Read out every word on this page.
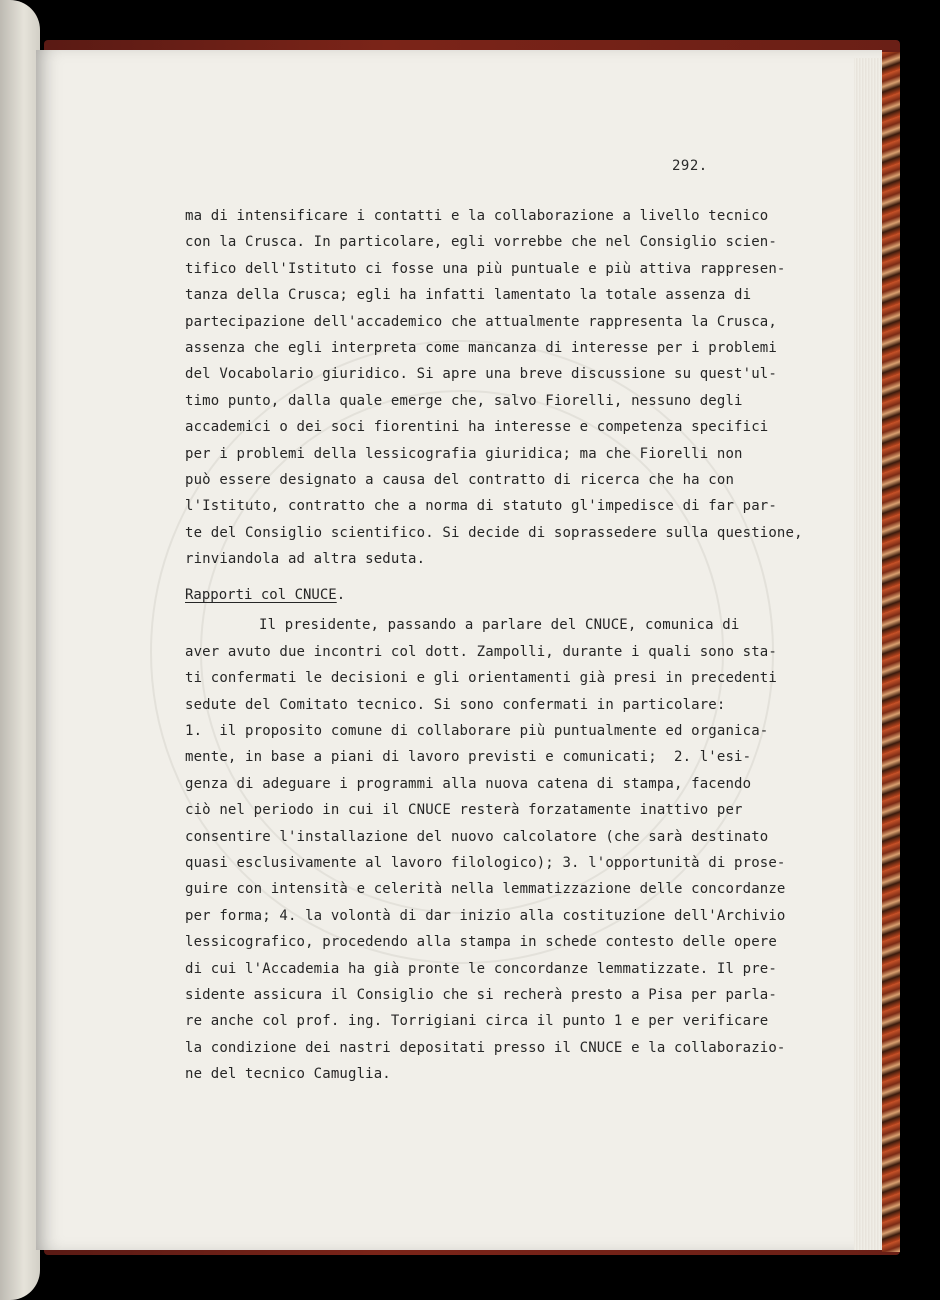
292.
ma di intensificare i contatti e la collaborazione a livello tecnico
con la Crusca. In particolare, egli vorrebbe che nel Consiglio scien-
tifico dell'Istituto ci fosse una più puntuale e più attiva rappresen-
tanza della Crusca; egli ha infatti lamentato la totale assenza di
partecipazione dell'accademico che attualmente rappresenta la Crusca,
assenza che egli interpreta come mancanza di interesse per i problemi
del Vocabolario giuridico. Si apre una breve discussione su quest'ul-
timo punto, dalla quale emerge che, salvo Fiorelli, nessuno degli
accademici o dei soci fiorentini ha interesse e competenza specifici
per i problemi della lessicografia giuridica; ma che Fiorelli non
può essere designato a causa del contratto di ricerca che ha con
l'Istituto, contratto che a norma di statuto gl'impedisce di far par-
te del Consiglio scientifico. Si decide di soprassedere sulla questione,
rinviandola ad altra seduta.
Rapporti col CNUCE.
Il presidente, passando a parlare del CNUCE, comunica di
aver avuto due incontri col dott. Zampolli, durante i quali sono sta-
ti confermati le decisioni e gli orientamenti già presi in precedenti
sedute del Comitato tecnico. Si sono confermati in particolare:
1.  il proposito comune di collaborare più puntualmente ed organica-
mente, in base a piani di lavoro previsti e comunicati;  2. l'esi-
genza di adeguare i programmi alla nuova catena di stampa, facendo
ciò nel periodo in cui il CNUCE resterà forzatamente inattivo per
consentire l'installazione del nuovo calcolatore (che sarà destinato
quasi esclusivamente al lavoro filologico); 3. l'opportunità di prose-
guire con intensità e celerità nella lemmatizzazione delle concordanze
per forma; 4. la volontà di dar inizio alla costituzione dell'Archivio
lessicografico, procedendo alla stampa in schede contesto delle opere
di cui l'Accademia ha già pronte le concordanze lemmatizzate. Il pre-
sidente assicura il Consiglio che si recherà presto a Pisa per parla-
re anche col prof. ing. Torrigiani circa il punto 1 e per verificare
la condizione dei nastri depositati presso il CNUCE e la collaborazio-
ne del tecnico Camuglia.
